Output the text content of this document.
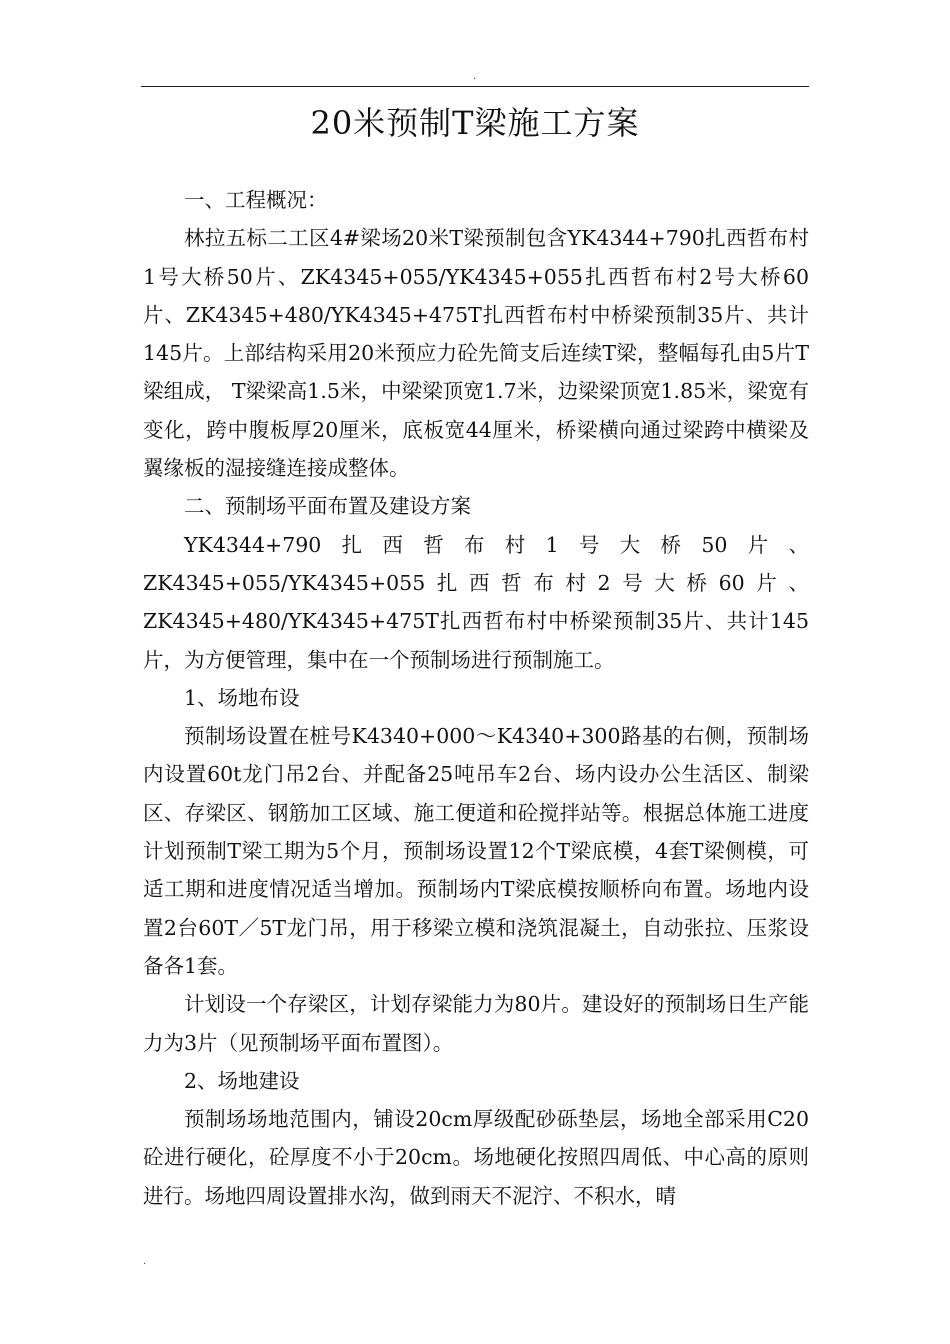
.
20米预制T梁施工方案

一、工程概况：

林拉五标二工区4#梁场20米T梁预制包含YK4344+790扎西哲布村1号大桥50片、ZK4345+055/YK4345+055扎西哲布村2号大桥60片、ZK4345+480/YK4345+475T扎西哲布村中桥梁预制35片、共计145片。上部结构采用20米预应力砼先简支后连续T梁，整幅每孔由5片T梁组成， T梁梁高1.5米，中梁梁顶宽1.7米，边梁梁顶宽1.85米，梁宽有变化，跨中腹板厚20厘米，底板宽44厘米，桥梁横向通过梁跨中横梁及翼缘板的湿接缝连接成整体。

二、预制场平面布置及建设方案

YK4344+790扎西哲布村1号大桥50片、ZK4345+055/YK4345+055扎西哲布村2号大桥60片、ZK4345+480/YK4345+475T扎西哲布村中桥梁预制35片、共计145片，为方便管理，集中在一个预制场进行预制施工。

1、场地布设

预制场设置在桩号K4340+000～K4340+300路基的右侧，预制场内设置60t龙门吊2台、并配备25吨吊车2台、场内设办公生活区、制梁区、存梁区、钢筋加工区域、施工便道和砼搅拌站等。根据总体施工进度计划预制T梁工期为5个月，预制场设置12个T梁底模，4套T梁侧模，可适工期和进度情况适当增加。预制场内T梁底模按顺桥向布置。场地内设置2台60T／5T龙门吊，用于移梁立模和浇筑混凝土，自动张拉、压浆设备各1套。

计划设一个存梁区，计划存梁能力为80片。建设好的预制场日生产能力为3片（见预制场平面布置图）。

2、场地建设

预制场场地范围内，铺设20cm厚级配砂砾垫层，场地全部采用C20砼进行硬化，砼厚度不小于20cm。场地硬化按照四周低、中心高的原则进行。场地四周设置排水沟，做到雨天不泥泞、不积水，晴

.
